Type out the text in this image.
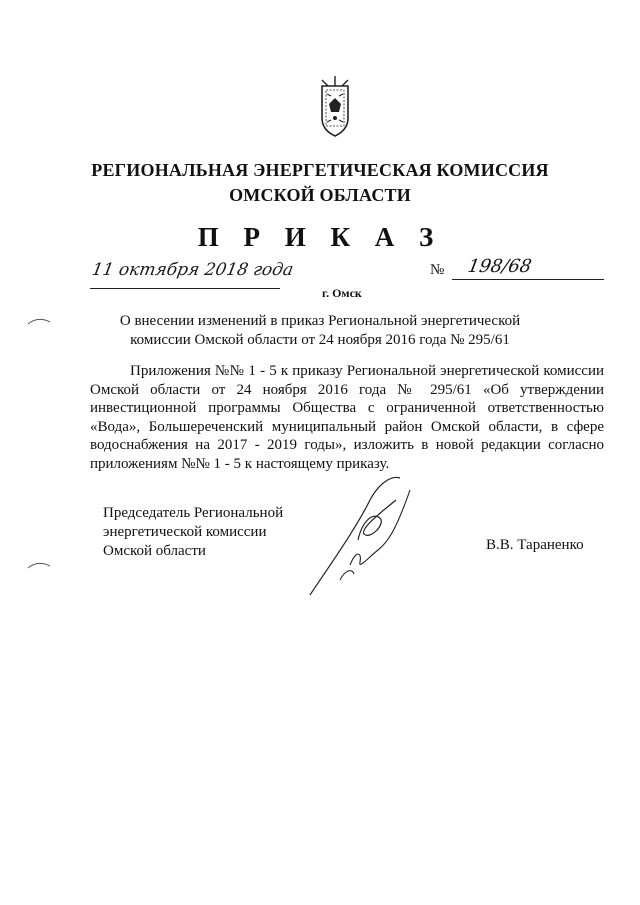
РЕГИОНАЛЬНАЯ ЭНЕРГЕТИЧЕСКАЯ КОМИССИЯ
ОМСКОЙ ОБЛАСТИ
П Р И К А З
11 октября 2018 года	№ 198/68
г. Омск
О внесении изменений в приказ Региональной энергетической
комиссии Омской области от 24 ноября 2016 года № 295/61

Приложения №№ 1 - 5 к приказу Региональной энергетической комиссии Омской области от 24 ноября 2016 года № 295/61 «Об утверждении инвестиционной программы Общества с ограниченной ответственностью «Вода», Большереченский муниципальный район Омской области, в сфере водоснабжения на 2017 - 2019 годы», изложить в новой редакции согласно приложениям №№ 1 - 5 к настоящему приказу.

Председатель Региональной
энергетической комиссии
Омской области	В.В. Тараненко
